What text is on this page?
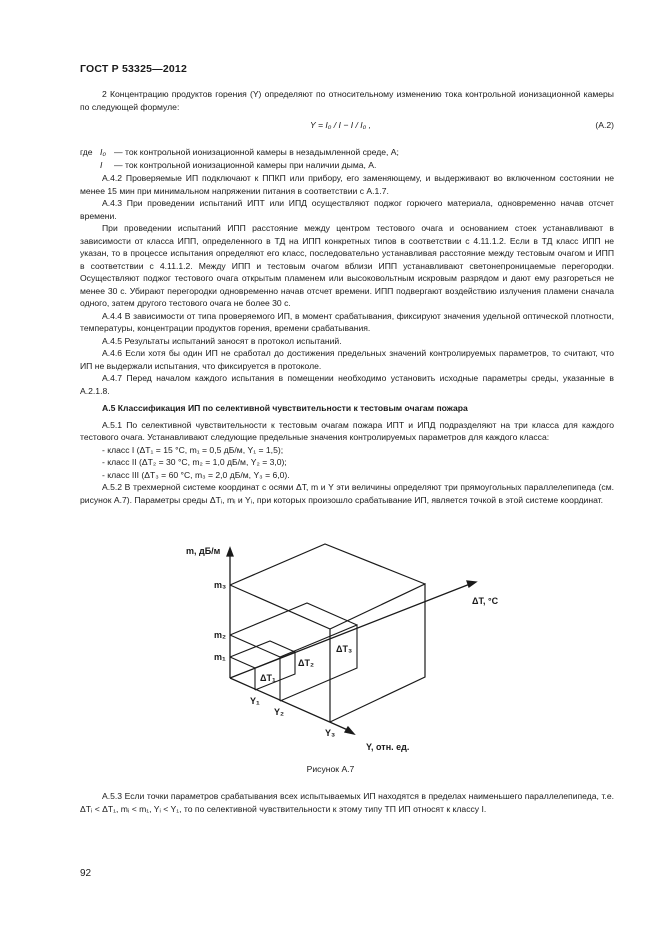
ГОСТ Р 53325—2012

2 Концентрацию продуктов горения (Y) определяют по относительному изменению тока контрольной ионизационной камеры по следующей формуле:

Y = I₀ / I − I / I₀ ,	(A.2)
где I₀ — ток контрольной ионизационной камеры в незадымленной среде, А;
I	— ток контрольной ионизационной камеры при наличии дыма, А.

А.4.2 Проверяемые ИП подключают к ППКП или прибору, его заменяющему, и выдерживают во включенном состоянии не менее 15 мин при минимальном напряжении питания в соответствии с А.1.7.

А.4.3 При проведении испытаний ИПТ или ИПД осуществляют поджог горючего материала, одновременно начав отсчет времени.

При проведении испытаний ИПП расстояние между центром тестового очага и основанием стоек устанавливают в зависимости от класса ИПП, определенного в ТД на ИПП конкретных типов в соответствии с 4.11.1.2. Если в ТД класс ИПП не указан, то в процессе испытания определяют его класс, последовательно устанавливая расстояние между тестовым очагом и ИПП в соответствии с 4.11.1.2. Между ИПП и тестовым очагом вблизи ИПП устанавливают светонепроницаемые перегородки. Осуществляют поджог тестового очага открытым пламенем или высоковольтным искровым разрядом и дают ему разгореться не менее 30 с. Убирают перегородки одновременно начав отсчет времени. ИПП подвергают воздействию излучения пламени сначала одного, затем другого тестового очага не более 30 с.

А.4.4 В зависимости от типа проверяемого ИП, в момент срабатывания, фиксируют значения удельной оптической плотности, температуры, концентрации продуктов горения, времени срабатывания.

А.4.5 Результаты испытаний заносят в протокол испытаний.

А.4.6 Если хотя бы один ИП не сработал до достижения предельных значений контролируемых параметров, то считают, что ИП не выдержали испытания, что фиксируется в протоколе.

А.4.7 Перед началом каждого испытания в помещении необходимо установить исходные параметры среды, указанные в А.2.1.8.

А.5 Классификация ИП по селективной чувствительности к тестовым очагам пожара

А.5.1 По селективной чувствительности к тестовым очагам пожара ИПТ и ИПД подразделяют на три класса для каждого тестового очага. Устанавливают следующие предельные значения контролируемых параметров для каждого класса:

- класс I (ΔT₁ = 15 °C, m₁ = 0,5 дБ/м, Y₁ = 1,5);

- класс II (ΔT₂ = 30 °C, m₂ = 1,0 дБ/м, Y₂ = 3,0);

- класс III (ΔT₃ = 60 °C, m₃ = 2,0 дБ/м, Y₃ = 6,0).

А.5.2 В трехмерной системе координат с осями ΔT, m и Y эти величины определяют три прямоугольных параллелепипеда (см. рисунок А.7). Параметры среды ΔTᵢ, mᵢ и Yᵢ, при которых произошло срабатывание ИП, является точкой в этой системе координат.

m, дБ/м
ΔT, °C
Y, отн. ед.
m₃
m₂
m₁
Y₁
Y₂
Y₃
ΔT₁
ΔT₂
ΔT₃
Рисунок А.7

А.5.3 Если точки параметров срабатывания всех испытываемых ИП находятся в пределах наименьшего параллелепипеда, т.е. ΔTᵢ < ΔT₁, mᵢ < m₁, Yᵢ < Y₁, то по селективной чувствительности к этому типу ТП ИП относят к классу I.

92
